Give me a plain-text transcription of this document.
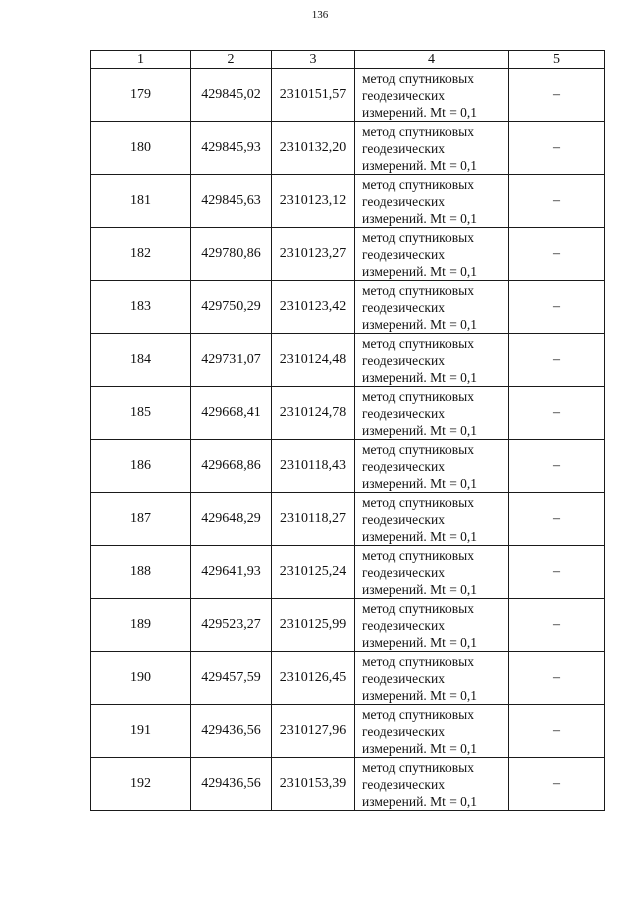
136
1	2	3	4	5
179	429845,02	2310151,57	метод спутниковых
геодезических
измерений. Mt = 0,1	–
180	429845,93	2310132,20	метод спутниковых
геодезических
измерений. Mt = 0,1	–
181	429845,63	2310123,12	метод спутниковых
геодезических
измерений. Mt = 0,1	–
182	429780,86	2310123,27	метод спутниковых
геодезических
измерений. Mt = 0,1	–
183	429750,29	2310123,42	метод спутниковых
геодезических
измерений. Mt = 0,1	–
184	429731,07	2310124,48	метод спутниковых
геодезических
измерений. Mt = 0,1	–
185	429668,41	2310124,78	метод спутниковых
геодезических
измерений. Mt = 0,1	–
186	429668,86	2310118,43	метод спутниковых
геодезических
измерений. Mt = 0,1	–
187	429648,29	2310118,27	метод спутниковых
геодезических
измерений. Mt = 0,1	–
188	429641,93	2310125,24	метод спутниковых
геодезических
измерений. Mt = 0,1	–
189	429523,27	2310125,99	метод спутниковых
геодезических
измерений. Mt = 0,1	–
190	429457,59	2310126,45	метод спутниковых
геодезических
измерений. Mt = 0,1	–
191	429436,56	2310127,96	метод спутниковых
геодезических
измерений. Mt = 0,1	–
192	429436,56	2310153,39	метод спутниковых
геодезических
измерений. Mt = 0,1	–
